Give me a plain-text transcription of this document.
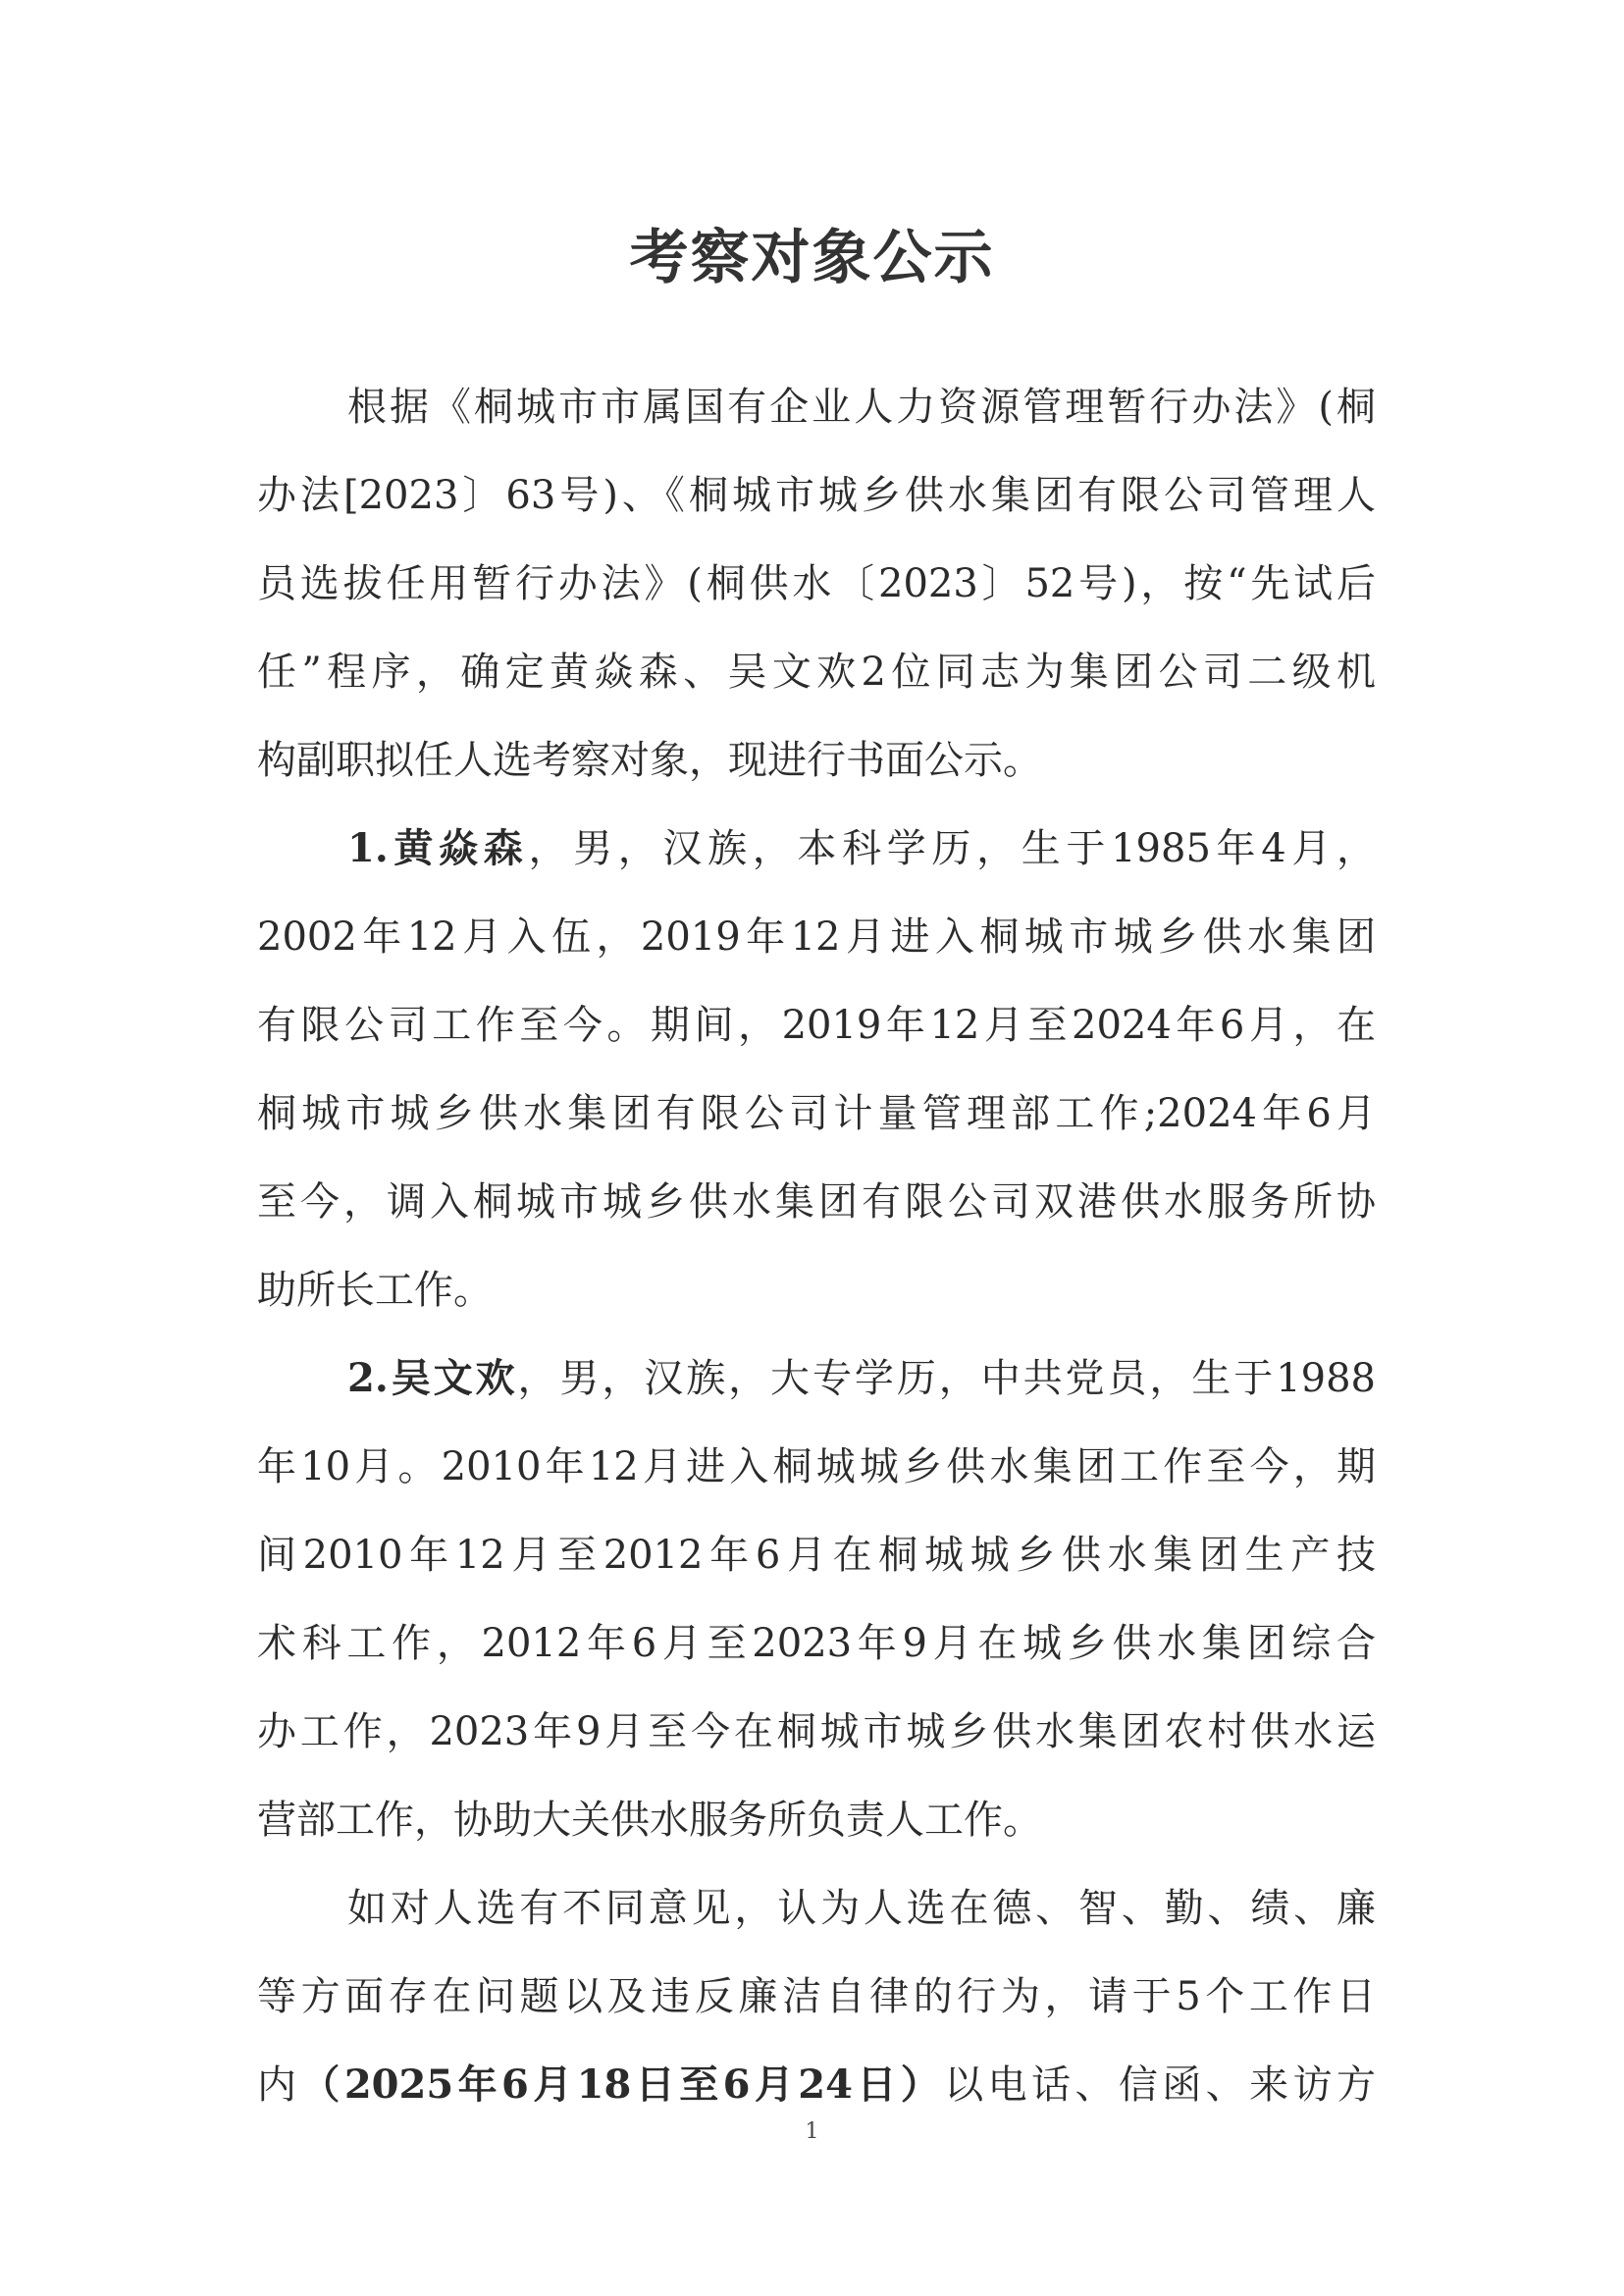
考察对象公示
根据《桐城市市属国有企业人力资源管理暂行办法》(桐
办法[2023〕63号)、《桐城市城乡供水集团有限公司管理人
员选拔任用暂行办法》(桐供水〔2023〕52号)，按“先试后
任”程序，确定黄焱森、吴文欢2位同志为集团公司二级机
构副职拟任人选考察对象，现进行书面公示。
1.黄焱森，男，汉族，本科学历，生于1985年4月，
2002年12月入伍，2019年12月进入桐城市城乡供水集团
有限公司工作至今。期间，2019年12月至2024年6月，在
桐城市城乡供水集团有限公司计量管理部工作;2024年6月
至今，调入桐城市城乡供水集团有限公司双港供水服务所协
助所长工作。
2.吴文欢，男，汉族，大专学历，中共党员，生于1988
年10月。2010年12月进入桐城城乡供水集团工作至今，期
间2010年12月至2012年6月在桐城城乡供水集团生产技
术科工作，2012年6月至2023年9月在城乡供水集团综合
办工作，2023年9月至今在桐城市城乡供水集团农村供水运
营部工作，协助大关供水服务所负责人工作。
如对人选有不同意见，认为人选在德、智、勤、绩、廉
等方面存在问题以及违反廉洁自律的行为，请于5个工作日
内（2025年6月18日至6月24日）以电话、信函、来访方
1
